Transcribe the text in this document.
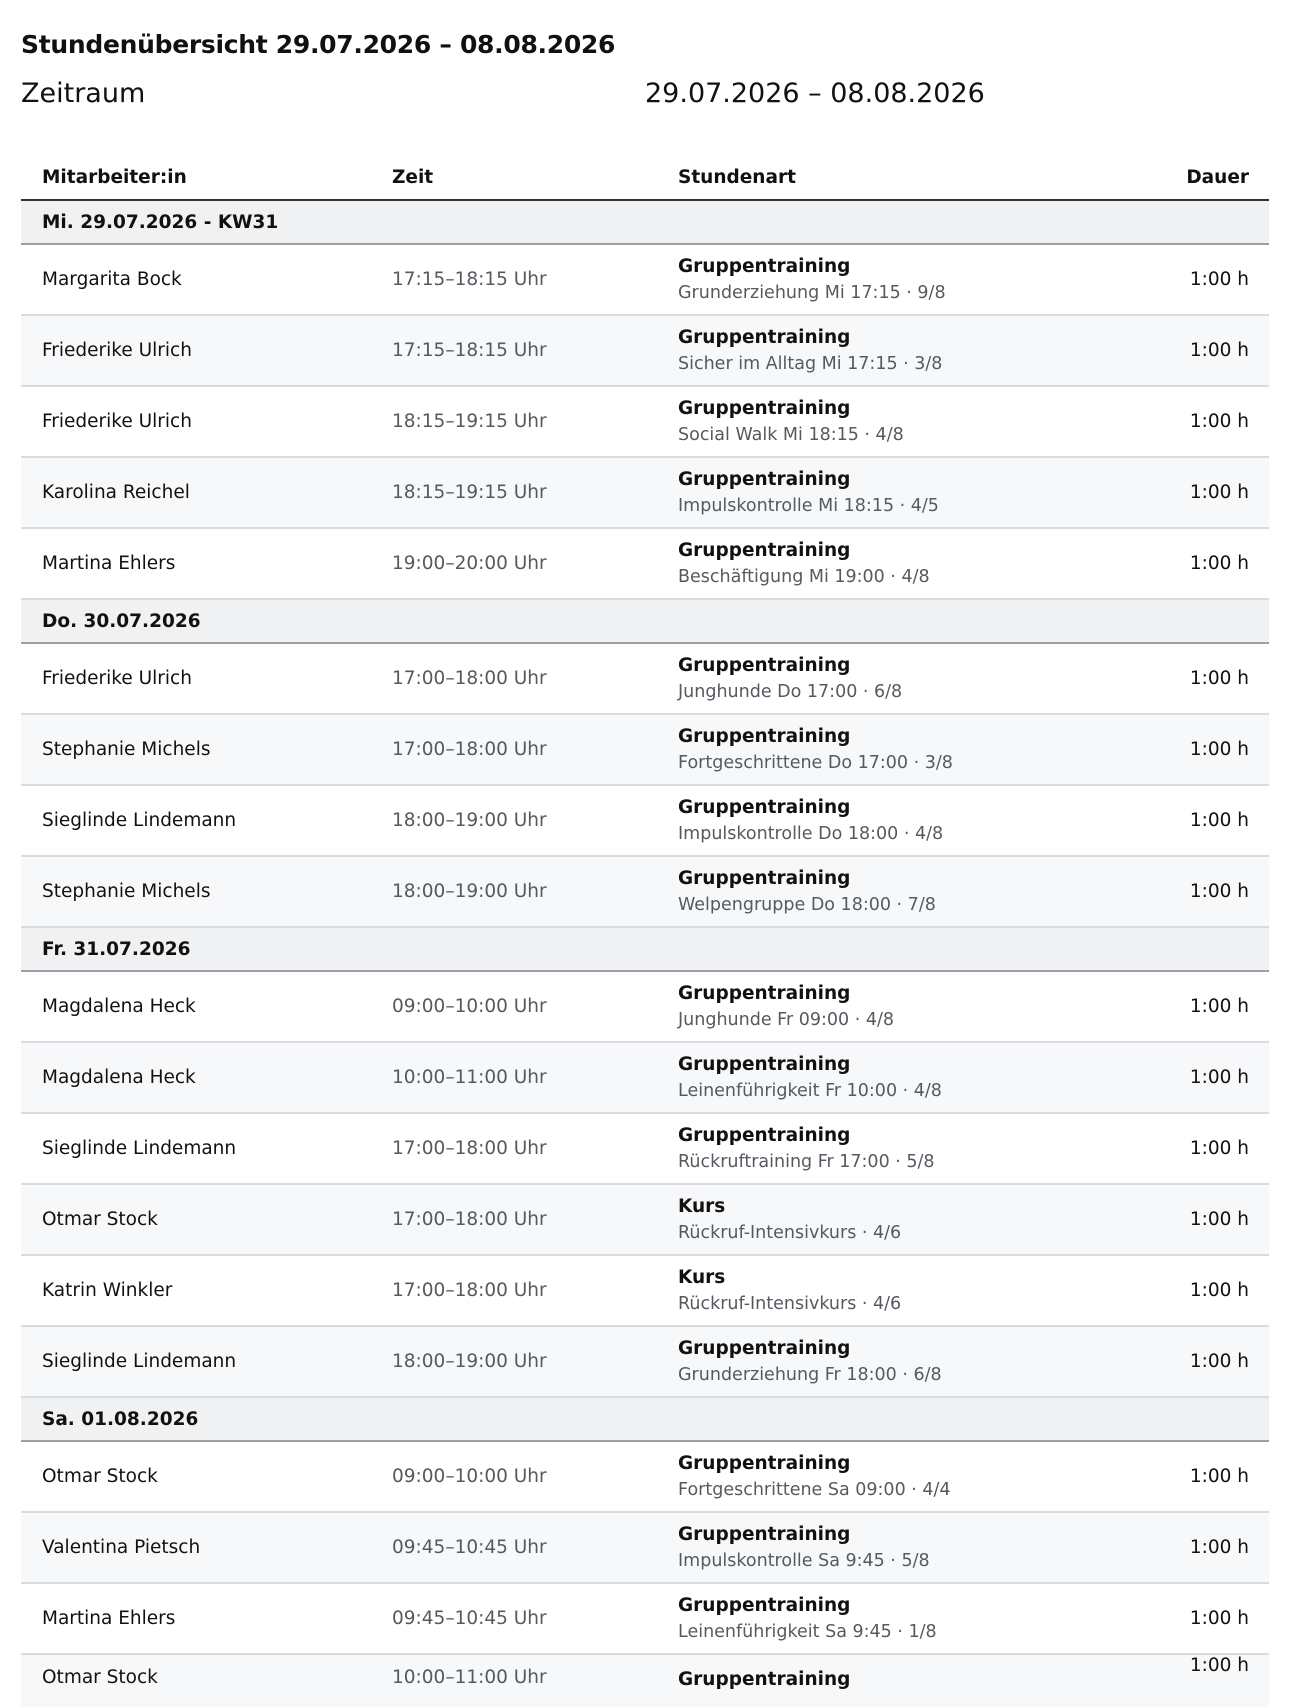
Stundenübersicht 29.07.2026 – 08.08.2026
Zeitraum	29.07.2026 – 08.08.2026
Mitarbeiter:in	Zeit	Stundenart	Dauer
Mi. 29.07.2026 - KW31			
Margarita Bock	17:15–18:15 Uhr	Gruppentraining
Grunderziehung Mi 17:15 · 9/8	1:00 h
Friederike Ulrich	17:15–18:15 Uhr	Gruppentraining
Sicher im Alltag Mi 17:15 · 3/8	1:00 h
Friederike Ulrich	18:15–19:15 Uhr	Gruppentraining
Social Walk Mi 18:15 · 4/8	1:00 h
Karolina Reichel	18:15–19:15 Uhr	Gruppentraining
Impulskontrolle Mi 18:15 · 4/5	1:00 h
Martina Ehlers	19:00–20:00 Uhr	Gruppentraining
Beschäftigung Mi 19:00 · 4/8	1:00 h
Do. 30.07.2026			
Friederike Ulrich	17:00–18:00 Uhr	Gruppentraining
Junghunde Do 17:00 · 6/8	1:00 h
Stephanie Michels	17:00–18:00 Uhr	Gruppentraining
Fortgeschrittene Do 17:00 · 3/8	1:00 h
Sieglinde Lindemann	18:00–19:00 Uhr	Gruppentraining
Impulskontrolle Do 18:00 · 4/8	1:00 h
Stephanie Michels	18:00–19:00 Uhr	Gruppentraining
Welpengruppe Do 18:00 · 7/8	1:00 h
Fr. 31.07.2026			
Magdalena Heck	09:00–10:00 Uhr	Gruppentraining
Junghunde Fr 09:00 · 4/8	1:00 h
Magdalena Heck	10:00–11:00 Uhr	Gruppentraining
Leinenführigkeit Fr 10:00 · 4/8	1:00 h
Sieglinde Lindemann	17:00–18:00 Uhr	Gruppentraining
Rückruftraining Fr 17:00 · 5/8	1:00 h
Otmar Stock	17:00–18:00 Uhr	Kurs
Rückruf-Intensivkurs · 4/6	1:00 h
Katrin Winkler	17:00–18:00 Uhr	Kurs
Rückruf-Intensivkurs · 4/6	1:00 h
Sieglinde Lindemann	18:00–19:00 Uhr	Gruppentraining
Grunderziehung Fr 18:00 · 6/8	1:00 h
Sa. 01.08.2026			
Otmar Stock	09:00–10:00 Uhr	Gruppentraining
Fortgeschrittene Sa 09:00 · 4/4	1:00 h
Valentina Pietsch	09:45–10:45 Uhr	Gruppentraining
Impulskontrolle Sa 9:45 · 5/8	1:00 h
Martina Ehlers	09:45–10:45 Uhr	Gruppentraining
Leinenführigkeit Sa 9:45 · 1/8	1:00 h
Otmar Stock	10:00–11:00 Uhr	Gruppentraining	1:00 h
